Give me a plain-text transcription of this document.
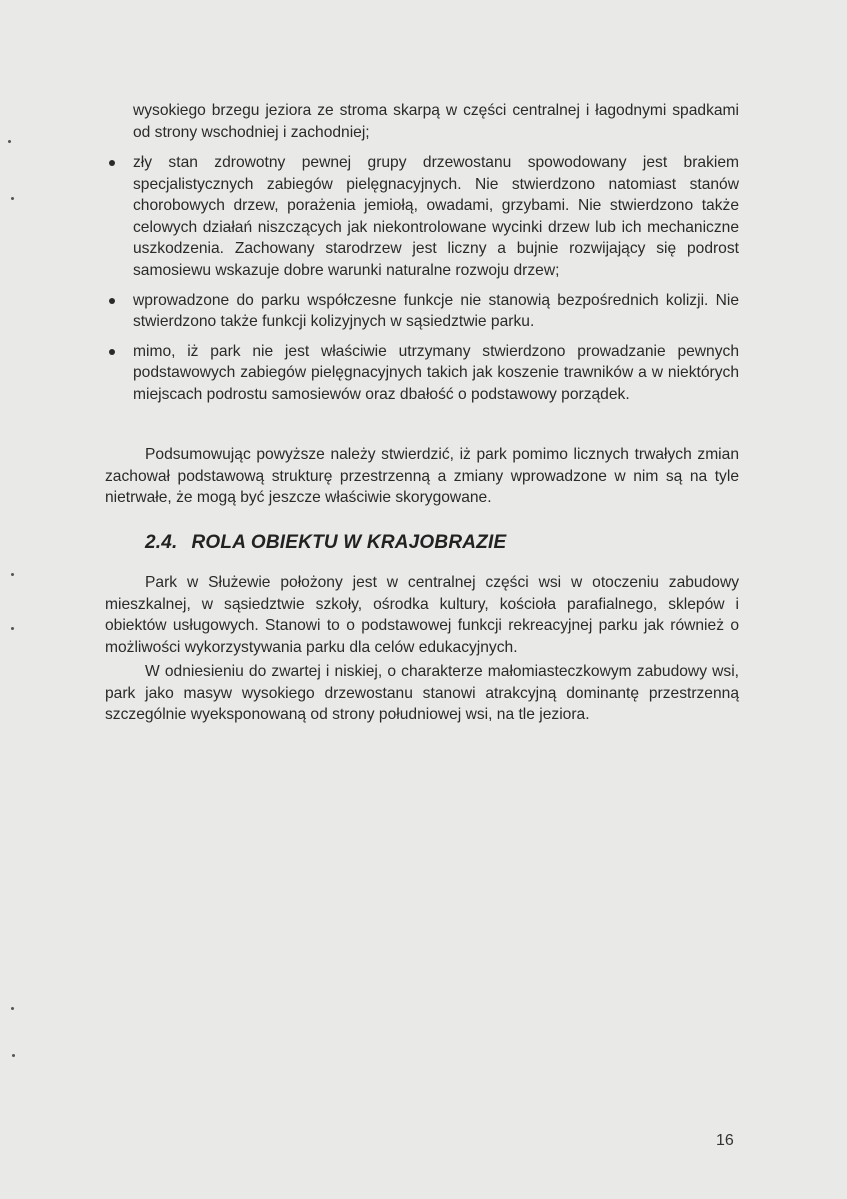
wysokiego brzegu jeziora ze stroma skarpą w części centralnej i łagodnymi spadkami od strony wschodniej i zachodniej;

zły stan zdrowotny pewnej grupy drzewostanu spowodowany jest brakiem specjalistycznych zabiegów pielęgnacyjnych. Nie stwierdzono natomiast stanów chorobowych drzew, porażenia jemiołą, owadami, grzybami. Nie stwierdzono także celowych działań niszczących jak niekontrolowane wycinki drzew lub ich mechaniczne uszkodzenia. Zachowany starodrzew jest liczny a bujnie rozwijający się podrost samosiewu wskazuje dobre warunki naturalne rozwoju drzew;
wprowadzone do parku współczesne funkcje nie stanowią bezpośrednich kolizji. Nie stwierdzono także funkcji kolizyjnych w sąsiedztwie parku.
mimo, iż park nie jest właściwie utrzymany stwierdzono prowadzanie pewnych podstawowych zabiegów pielęgnacyjnych takich jak koszenie trawników a w niektórych miejscach podrostu samosiewów oraz dbałość o podstawowy porządek.

Podsumowując powyższe należy stwierdzić, iż park pomimo licznych trwałych zmian zachował podstawową strukturę przestrzenną a zmiany wprowadzone w nim są na tyle nietrwałe, że mogą być jeszcze właściwie skorygowane.

2.4. ROLA OBIEKTU W KRAJOBRAZIE

Park w Służewie położony jest w centralnej części wsi w otoczeniu zabudowy mieszkalnej, w sąsiedztwie szkoły, ośrodka kultury, kościoła parafialnego, sklepów i obiektów usługowych. Stanowi to o podstawowej funkcji rekreacyjnej parku jak również o możliwości wykorzystywania parku dla celów edukacyjnych.

W odniesieniu do zwartej i niskiej, o charakterze małomiasteczkowym zabudowy wsi, park jako masyw wysokiego drzewostanu stanowi atrakcyjną dominantę przestrzenną szczególnie wyeksponowaną od strony południowej wsi, na tle jeziora.

16
